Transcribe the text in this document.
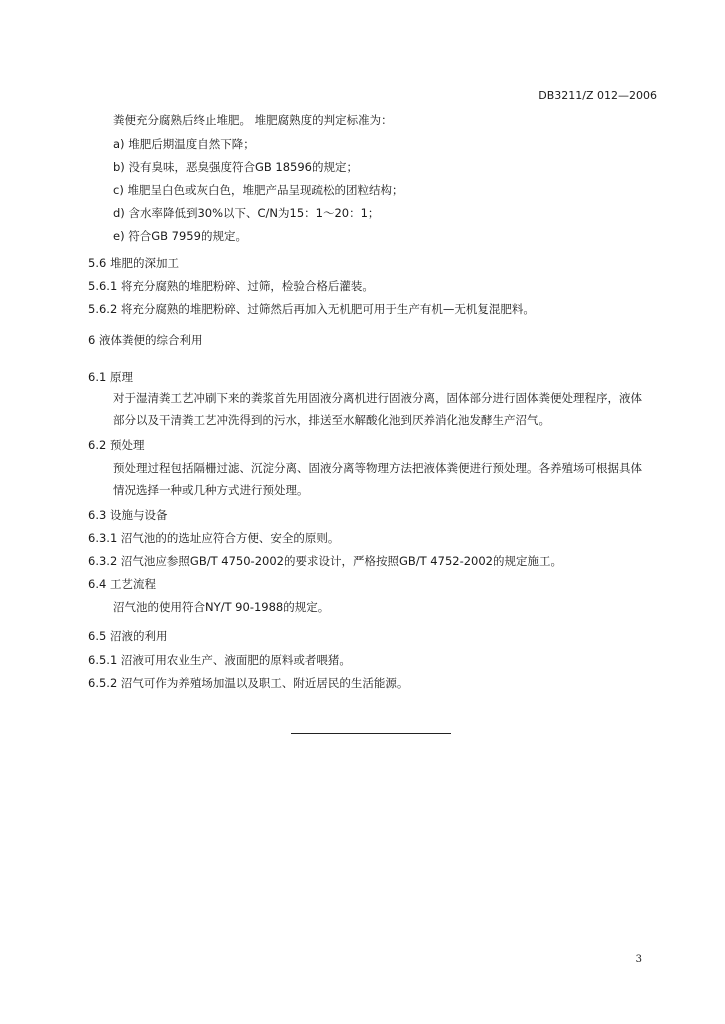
DB3211/Z 012—2006
粪便充分腐熟后终止堆肥。 堆肥腐熟度的判定标准为：
a) 堆肥后期温度自然下降；
b) 没有臭味，恶臭强度符合GB 18596的规定；
c) 堆肥呈白色或灰白色，堆肥产品呈现疏松的团粒结构；
d) 含水率降低到30%以下、C/N为15：1～20：1；
e) 符合GB 7959的规定。
5.6 堆肥的深加工
5.6.1 将充分腐熟的堆肥粉碎、过筛，检验合格后灌装。
5.6.2 将充分腐熟的堆肥粉碎、过筛然后再加入无机肥可用于生产有机—无机复混肥料。
6 液体粪便的综合利用
6.1 原理
对于湿清粪工艺冲刷下来的粪浆首先用固液分离机进行固液分离，固体部分进行固体粪便处理程序，液体部分以及干清粪工艺冲洗得到的污水，排送至水解酸化池到厌养消化池发酵生产沼气。
6.2 预处理
预处理过程包括隔栅过滤、沉淀分离、固液分离等物理方法把液体粪便进行预处理。各养殖场可根据具体情况选择一种或几种方式进行预处理。
6.3 设施与设备
6.3.1 沼气池的的选址应符合方便、安全的原则。
6.3.2 沼气池应参照GB/T 4750-2002的要求设计，严格按照GB/T 4752-2002的规定施工。
6.4 工艺流程
沼气池的使用符合NY/T 90-1988的规定。
6.5 沼液的利用
6.5.1 沼液可用农业生产、液面肥的原料或者喂猪。
6.5.2 沼气可作为养殖场加温以及职工、附近居民的生活能源。
3
